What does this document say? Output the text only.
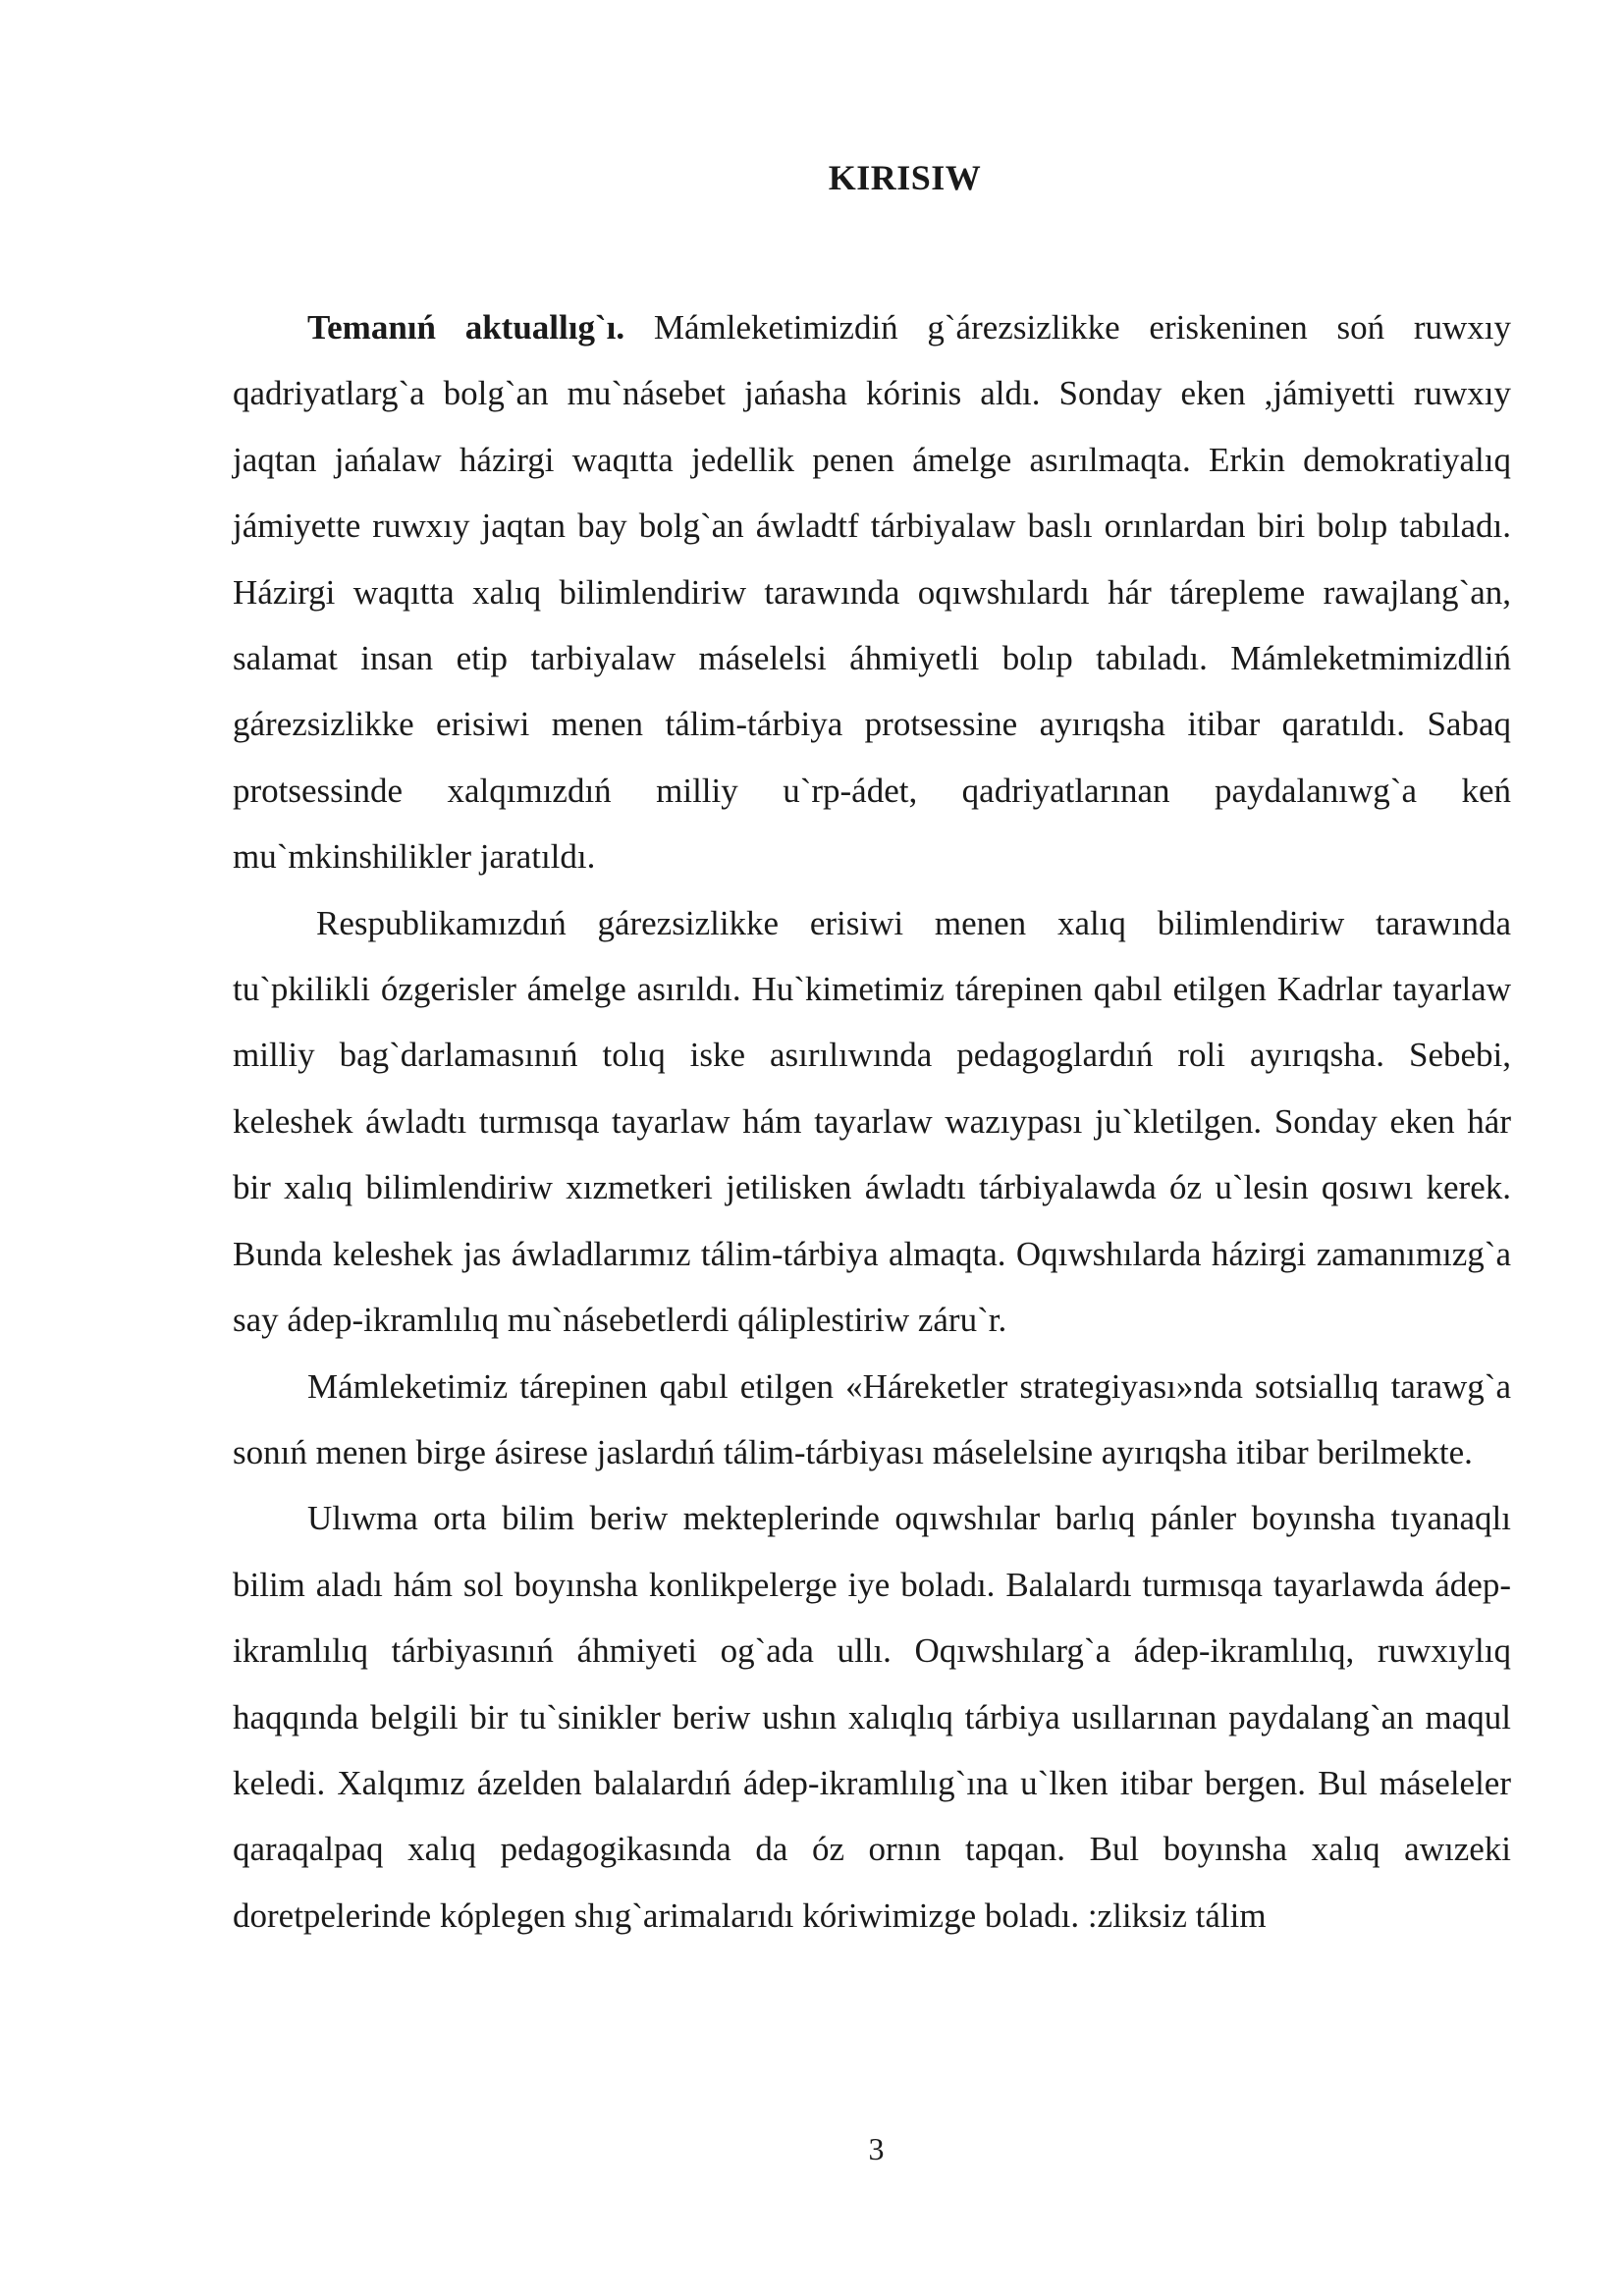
KIRISIW

Temanıń aktuallıg`ı. Mámleketimizdiń g`árezsizlikke eriskeninen soń ruwxıy qadriyatlarg`a bolg`an mu`násebet jańasha kórinis aldı. Sonday eken ,jámiyetti ruwxıy jaqtan jańalaw házirgi waqıtta jedellik penen ámelge asırılmaqta. Erkin demokratiyalıq jámiyette ruwxıy jaqtan bay bolg`an áwladtf tárbiyalaw baslı orınlardan biri bolıp tabıladı. Házirgi waqıtta xalıq bilimlendiriw tarawında oqıwshılardı hár tárepleme rawajlang`an, salamat insan etip tarbiyalaw máselelsi áhmiyetli bolıp tabıladı. Mámleketmimizdliń gárezsizlikke erisiwi menen tálim-tárbiya protsessine ayırıqsha itibar qaratıldı. Sabaq protsessinde xalqımızdıń milliy u`rp-ádet, qadriyatlarınan paydalanıwg`a keń mu`mkinshilikler jaratıldı.

Respublikamızdıń gárezsizlikke erisiwi menen xalıq bilimlendiriw tarawında tu`pkilikli ózgerisler ámelge asırıldı. Hu`kimetimiz tárepinen qabıl etilgen Kadrlar tayarlaw milliy bag`darlamasınıń tolıq iske asırılıwında pedagoglardıń roli ayırıqsha. Sebebi, keleshek áwladtı turmısqa tayarlaw hám tayarlaw wazıypası ju`kletilgen. Sonday eken hár bir xalıq bilimlendiriw xızmetkeri jetilisken áwladtı tárbiyalawda óz u`lesin qosıwı kerek. Bunda keleshek jas áwladlarımız tálim-tárbiya almaqta. Oqıwshılarda házirgi zamanımızg`a say ádep-ikramlılıq mu`násebetlerdi qáliplestiriw záru`r.

Mámleketimiz tárepinen qabıl etilgen «Háreketler strategiyası»nda sotsiallıq tarawg`a sonıń menen birge ásirese jaslardıń tálim-tárbiyası máselelsine ayırıqsha itibar berilmekte.

Ulıwma orta bilim beriw mekteplerinde oqıwshılar barlıq pánler boyınsha tıyanaqlı bilim aladı hám sol boyınsha konlikpelerge iye boladı. Balalardı turmısqa tayarlawda ádep-ikramlılıq tárbiyasınıń áhmiyeti og`ada ullı. Oqıwshılarg`a ádep-ikramlılıq, ruwxıylıq haqqında belgili bir tu`sinikler beriw ushın xalıqlıq tárbiya usıllarınan paydalang`an maqul keledi. Xalqımız ázelden balalardıń ádep-ikramlılıg`ına u`lken itibar bergen. Bul máseleler qaraqalpaq xalıq pedagogikasında da óz ornın tapqan. Bul boyınsha xalıq awızeki doretpelerinde kóplegen shıg`arimalarıdı kóriwimizge boladı. :zliksiz tálim

3
